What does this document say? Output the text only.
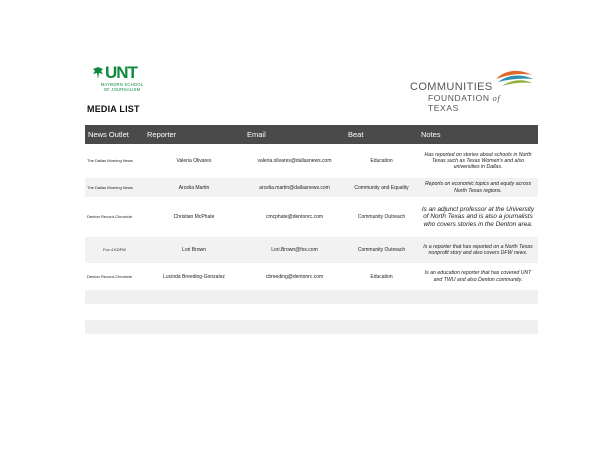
UNT
MAYBORN SCHOOL
OF JOURNALISM	COMMUNITIES
FOUNDATION of TEXAS
MEDIA LIST
News Outlet	Reporter	Email	Beat	Notes
The Dallas Morning News	Valeria Olivares	valeria.olivares@dallasnews.com	Education	Has reported on stories about schools in North Texas such as Texas Women's and also universities in Dallas.
The Dallas Morning News	Arcelia Martin	arcelia.martin@dallasnews.com	Community and Equality	Reports on economic topics and equity across North Texas regions.
Denton Record-Chronicle	Christian McPhate	cmcphate@dentonrc.com	Community Outreach	Is an adjunct professor at the University of North Texas and is also a journalists who covers stories in the Denton area.
Fox 4 KDFW	Lori Brown	Lori.Brown@fox.com	Community Outreach	Is a reporter that has reported on a North Texas nonprofit story and also covers DFW news.
Denton Record-Chronicle	Lucinda Breeding-Gonzalez	cbreeding@dentonrc.com	Education	Is an education reporter that has covered UNT and TWU and also Denton community.
